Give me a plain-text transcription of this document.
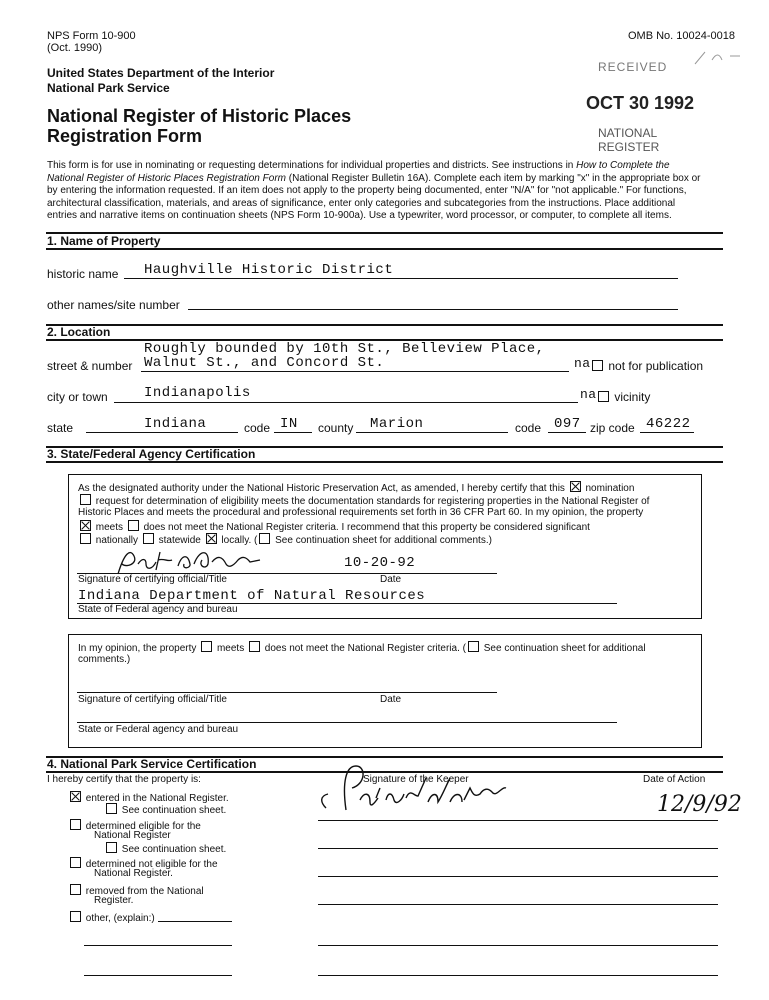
NPS Form 10-900
(Oct. 1990)
OMB No. 10024-0018
United States Department of the Interior
National Park Service
National Register of Historic Places
Registration Form
RECEIVED
OCT 30 1992
NATIONAL
REGISTER
This form is for use in nominating or requesting determinations for individual properties and districts. See instructions in How to Complete the National Register of Historic Places Registration Form (National Register Bulletin 16A). Complete each item by marking "x" in the appropriate box or by entering the information requested. If an item does not apply to the property being documented, enter "N/A" for "not applicable." For functions, architectural classification, materials, and areas of significance, enter only categories and subcategories from the instructions. Place additional entries and narrative items on continuation sheets (NPS Form 10-900a). Use a typewriter, word processor, or computer, to complete all items.
1. Name of Property
historic name Haughville Historic District
other names/site number
2. Location
Roughly bounded by 10th St., Belleview Place,
street & number Walnut St., and Concord St.	na	not for publication
city or town	Indianapolis	na	vicinity
state	Indiana	code IN county Marion	code 097 zip code 46222
3. State/Federal Agency Certification
As the designated authority under the National Historic Preservation Act, as amended, I hereby certify that this nomination
request for determination of eligibility meets the documentation standards for registering properties in the National Register of
Historic Places and meets the procedural and professional requirements set forth in 36 CFR Part 60. In my opinion, the property
meets does not meet the National Register criteria. I recommend that this property be considered significant
nationally statewide locally. ( See continuation sheet for additional comments.)
10-20-92
Signature of certifying official/Title	Date
Indiana Department of Natural Resources
State of Federal agency and bureau
In my opinion, the property meets does not meet the National Register criteria. ( See continuation sheet for additional
comments.)
Signature of certifying official/Title	Date
State or Federal agency and bureau
4. National Park Service Certification
I hereby certify that the property is:	Signature of the Keeper	Date of Action
12/9/92
entered in the National Register.
See continuation sheet.
determined eligible for the
National Register
See continuation sheet.
determined not eligible for the
National Register.
removed from the National
Register.
other, (explain:)
